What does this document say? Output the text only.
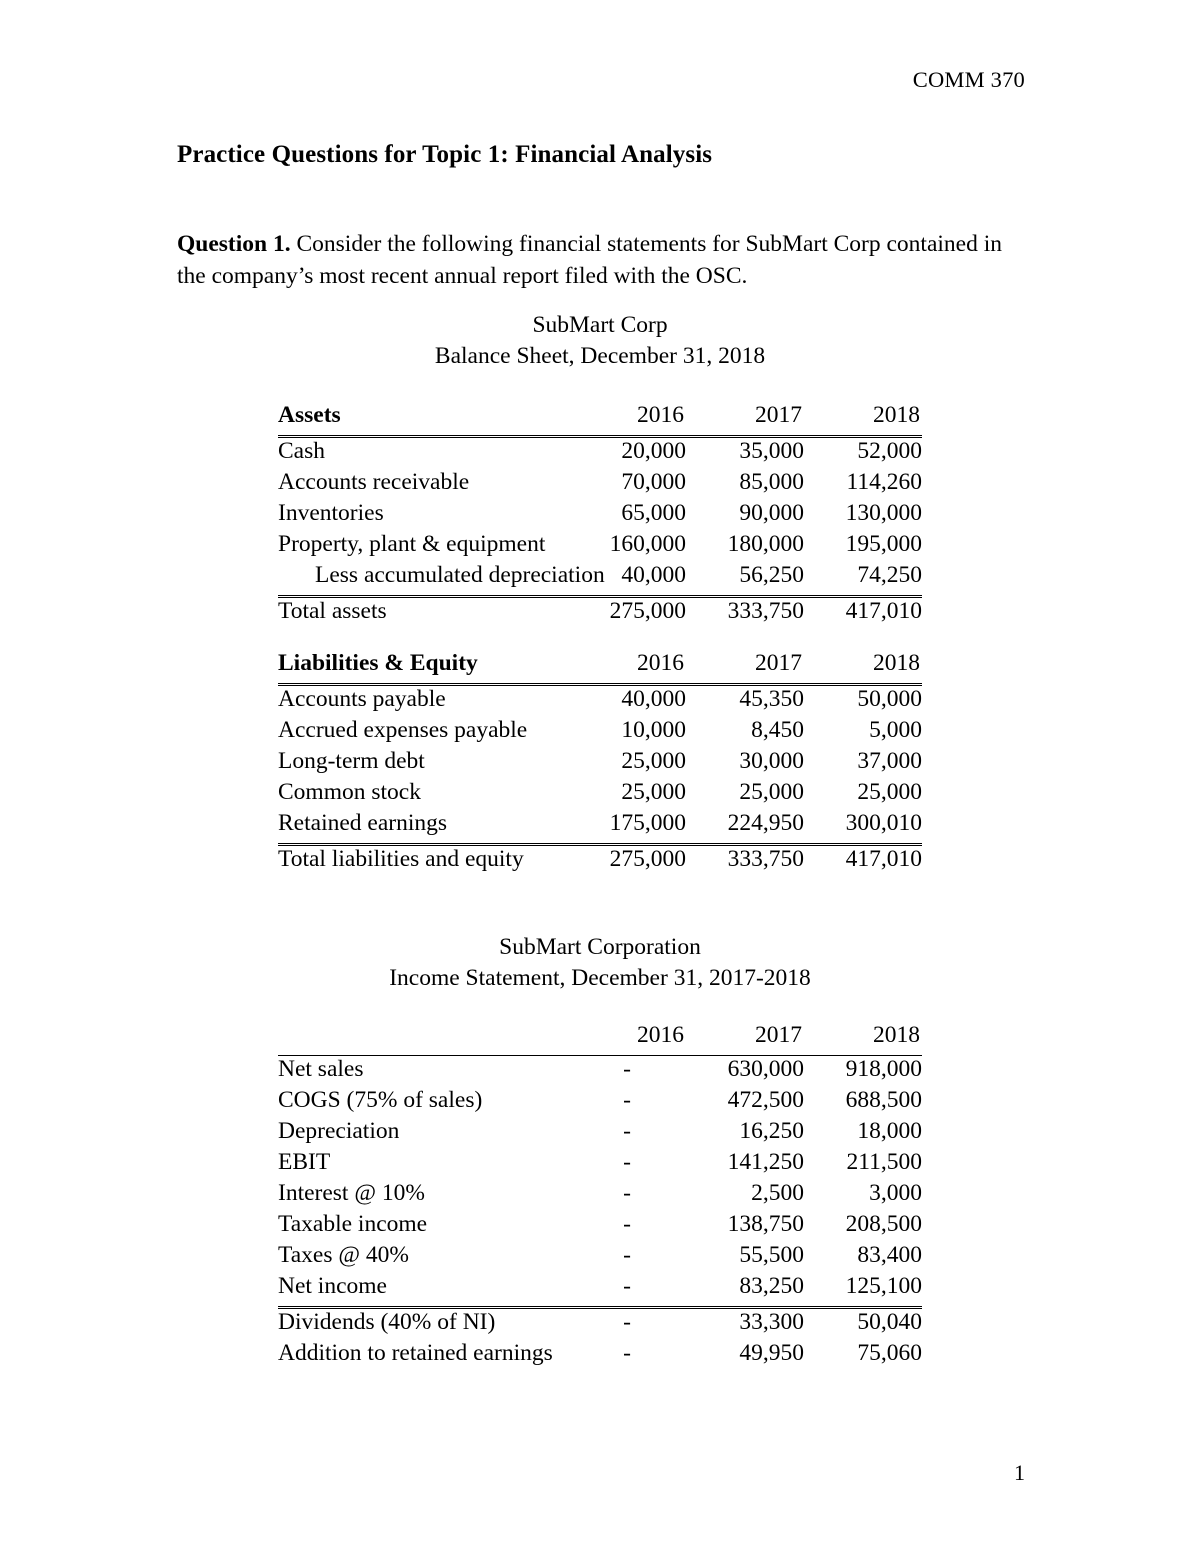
COMM 370
Practice Questions for Topic 1: Financial Analysis
Question 1. Consider the following financial statements for SubMart Corp contained in the company’s most recent annual report filed with the OSC.
SubMart Corp
Balance Sheet, December 31, 2018
Assets	2016	2017	2018
Cash	20,000	35,000	52,000
Accounts receivable	70,000	85,000	114,260
Inventories	65,000	90,000	130,000
Property, plant & equipment	160,000	180,000	195,000
Less accumulated depreciation	40,000	56,250	74,250
Total assets	275,000	333,750	417,010
Liabilities & Equity	2016	2017	2018
Accounts payable	40,000	45,350	50,000
Accrued expenses payable	10,000	8,450	5,000
Long-term debt	25,000	30,000	37,000
Common stock	25,000	25,000	25,000
Retained earnings	175,000	224,950	300,010
Total liabilities and equity	275,000	333,750	417,010
SubMart Corporation
Income Statement, December 31, 2017-2018
	2016	2017	2018
Net sales	-	630,000	918,000
COGS (75% of sales)	-	472,500	688,500
Depreciation	-	16,250	18,000
EBIT	-	141,250	211,500
Interest @ 10%	-	2,500	3,000
Taxable income	-	138,750	208,500
Taxes @ 40%	-	55,500	83,400
Net income	-	83,250	125,100
Dividends (40% of NI)	-	33,300	50,040
Addition to retained earnings	-	49,950	75,060
1
